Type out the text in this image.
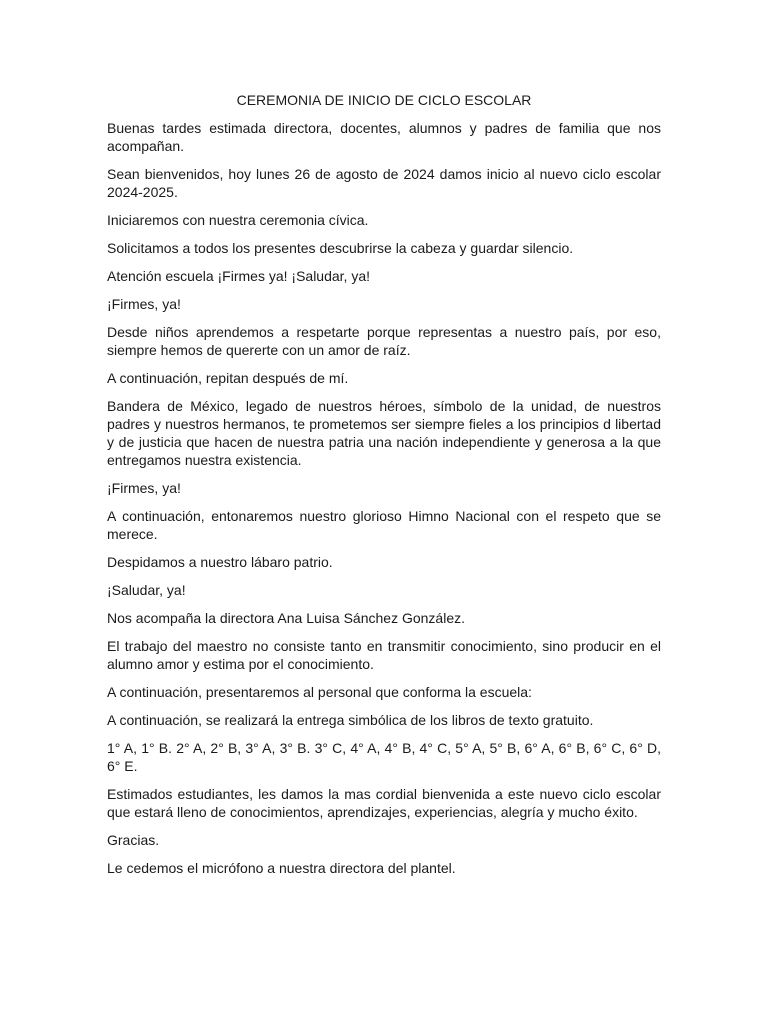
CEREMONIA DE INICIO DE CICLO ESCOLAR

Buenas tardes estimada directora, docentes, alumnos y padres de familia que nos acompañan.

Sean bienvenidos, hoy lunes 26 de agosto de 2024 damos inicio al nuevo ciclo escolar 2024-2025.

Iniciaremos con nuestra ceremonia cívica.

Solicitamos a todos los presentes descubrirse la cabeza y guardar silencio.

Atención escuela ¡Firmes ya! ¡Saludar, ya!

¡Firmes, ya!

Desde niños aprendemos a respetarte porque representas a nuestro país, por eso, siempre hemos de quererte con un amor de raíz.

A continuación, repitan después de mí.

Bandera de México, legado de nuestros héroes, símbolo de la unidad, de nuestros padres y nuestros hermanos, te prometemos ser siempre fieles a los principios d libertad y de justicia que hacen de nuestra patria una nación independiente y generosa a la que entregamos nuestra existencia.

¡Firmes, ya!

A continuación, entonaremos nuestro glorioso Himno Nacional con el respeto que se merece.

Despidamos a nuestro lábaro patrio.

¡Saludar, ya!

Nos acompaña la directora Ana Luisa Sánchez González.

El trabajo del maestro no consiste tanto en transmitir conocimiento, sino producir en el alumno amor y estima por el conocimiento.

A continuación, presentaremos al personal que conforma la escuela:

A continuación, se realizará la entrega simbólica de los libros de texto gratuito.

1° A, 1° B. 2° A, 2° B, 3° A, 3° B. 3° C, 4° A, 4° B, 4° C, 5° A, 5° B, 6° A, 6° B, 6° C, 6° D, 6° E.

Estimados estudiantes, les damos la mas cordial bienvenida a este nuevo ciclo escolar que estará lleno de conocimientos, aprendizajes, experiencias, alegría y mucho éxito.

Gracias.

Le cedemos el micrófono a nuestra directora del plantel.
